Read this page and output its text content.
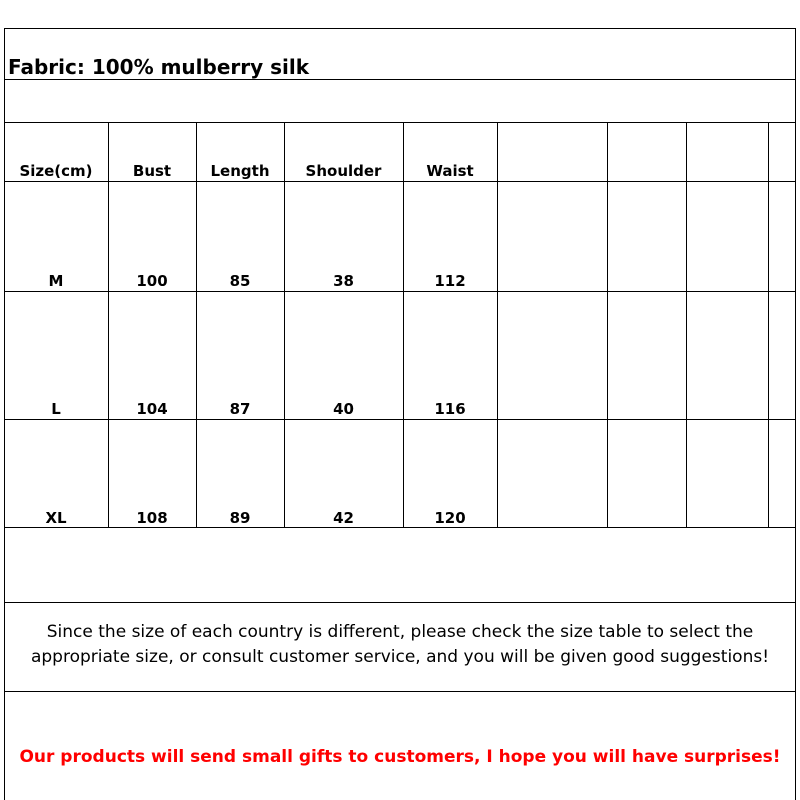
Fabric: 100% mulberry silk
Size(cm)	Bust	Length	Shoulder	Waist
M	100	85	38	112
L	104	87	40	116
XL	108	89	42	120
Since the size of each country is different, please check the size table to select the
appropriate size, or consult customer service, and you will be given good suggestions!
Our products will send small gifts to customers, I hope you will have surprises!
